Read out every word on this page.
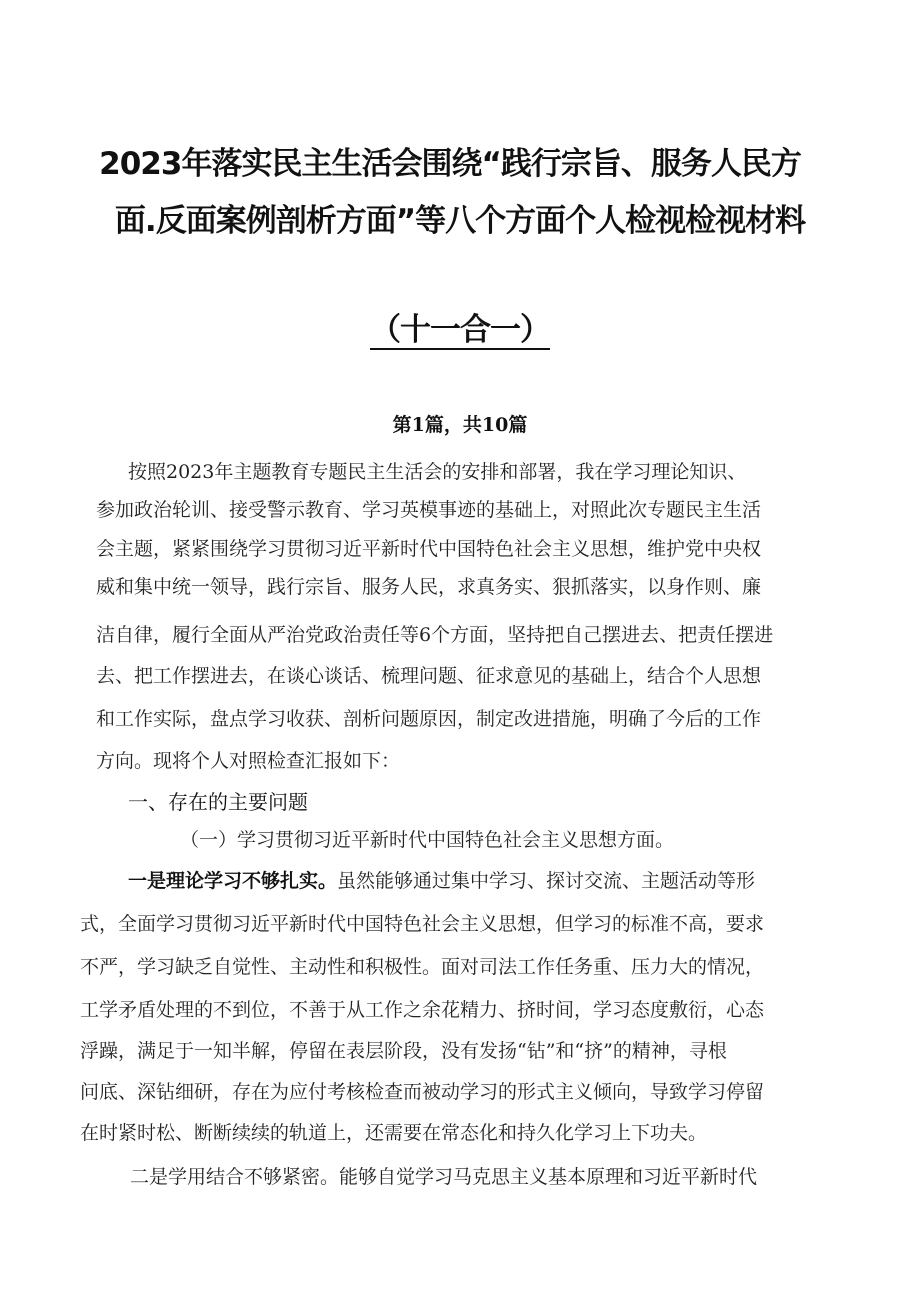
2023年落实民主生活会围绕“践行宗旨、服务人民方
面.反面案例剖析方面”等八个方面个人检视检视材料
（十一合一）
第1篇，共10篇
按照2023年主题教育专题民主生活会的安排和部署，我在学习理论知识、
参加政治轮训、接受警示教育、学习英模事迹的基础上，对照此次专题民主生活
会主题，紧紧围绕学习贯彻习近平新时代中国特色社会主义思想，维护党中央权
威和集中统一领导，践行宗旨、服务人民，求真务实、狠抓落实，以身作则、廉
洁自律，履行全面从严治党政治责任等6个方面，坚持把自己摆进去、把责任摆进
去、把工作摆进去，在谈心谈话、梳理问题、征求意见的基础上，结合个人思想
和工作实际，盘点学习收获、剖析问题原因，制定改进措施，明确了今后的工作
方向。现将个人对照检查汇报如下：
一、存在的主要问题
（一）学习贯彻习近平新时代中国特色社会主义思想方面。
一是理论学习不够扎实。虽然能够通过集中学习、探讨交流、主题活动等形
式，全面学习贯彻习近平新时代中国特色社会主义思想，但学习的标准不高，要求
不严，学习缺乏自觉性、主动性和积极性。面对司法工作任务重、压力大的情况，
工学矛盾处理的不到位，不善于从工作之余花精力、挤时间，学习态度敷衍，心态
浮躁，满足于一知半解，停留在表层阶段，没有发扬“钻”和“挤”的精神，寻根
问底、深钻细研，存在为应付考核检查而被动学习的形式主义倾向，导致学习停留
在时紧时松、断断续续的轨道上，还需要在常态化和持久化学习上下功夫。
二是学用结合不够紧密。能够自觉学习马克思主义基本原理和习近平新时代
